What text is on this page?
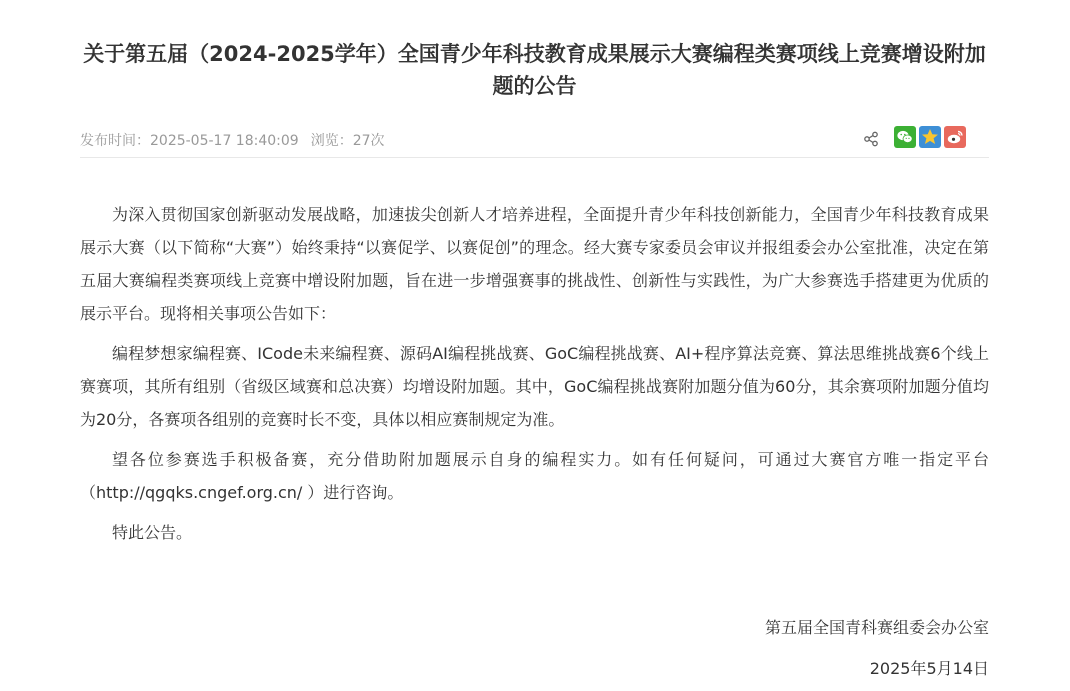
关于第五届（2024-2025学年）全国青少年科技教育成果展示大赛编程类赛项线上竞赛增设附加题的公告
发布时间：2025-05-17 18:40:09 浏览：27次

为深入贯彻国家创新驱动发展战略，加速拔尖创新人才培养进程，全面提升青少年科技创新能力，全国青少年科技教育成果展示大赛（以下简称“大赛”）始终秉持“以赛促学、以赛促创”的理念。经大赛专家委员会审议并报组委会办公室批准，决定在第五届大赛编程类赛项线上竞赛中增设附加题，旨在进一步增强赛事的挑战性、创新性与实践性，为广大参赛选手搭建更为优质的展示平台。现将相关事项公告如下：

编程梦想家编程赛、ICode未来编程赛、源码AI编程挑战赛、GoC编程挑战赛、AI+程序算法竞赛、算法思维挑战赛6个线上赛赛项，其所有组别（省级区域赛和总决赛）均增设附加题。其中，GoC编程挑战赛附加题分值为60分，其余赛项附加题分值均为20分，各赛项各组别的竞赛时长不变，具体以相应赛制规定为准。

望各位参赛选手积极备赛，充分借助附加题展示自身的编程实力。如有任何疑问，可通过大赛官方唯一指定平台（http://qgqks.cngef.org.cn/ ）进行咨询。

特此公告。

第五届全国青科赛组委会办公室
2025年5月14日
